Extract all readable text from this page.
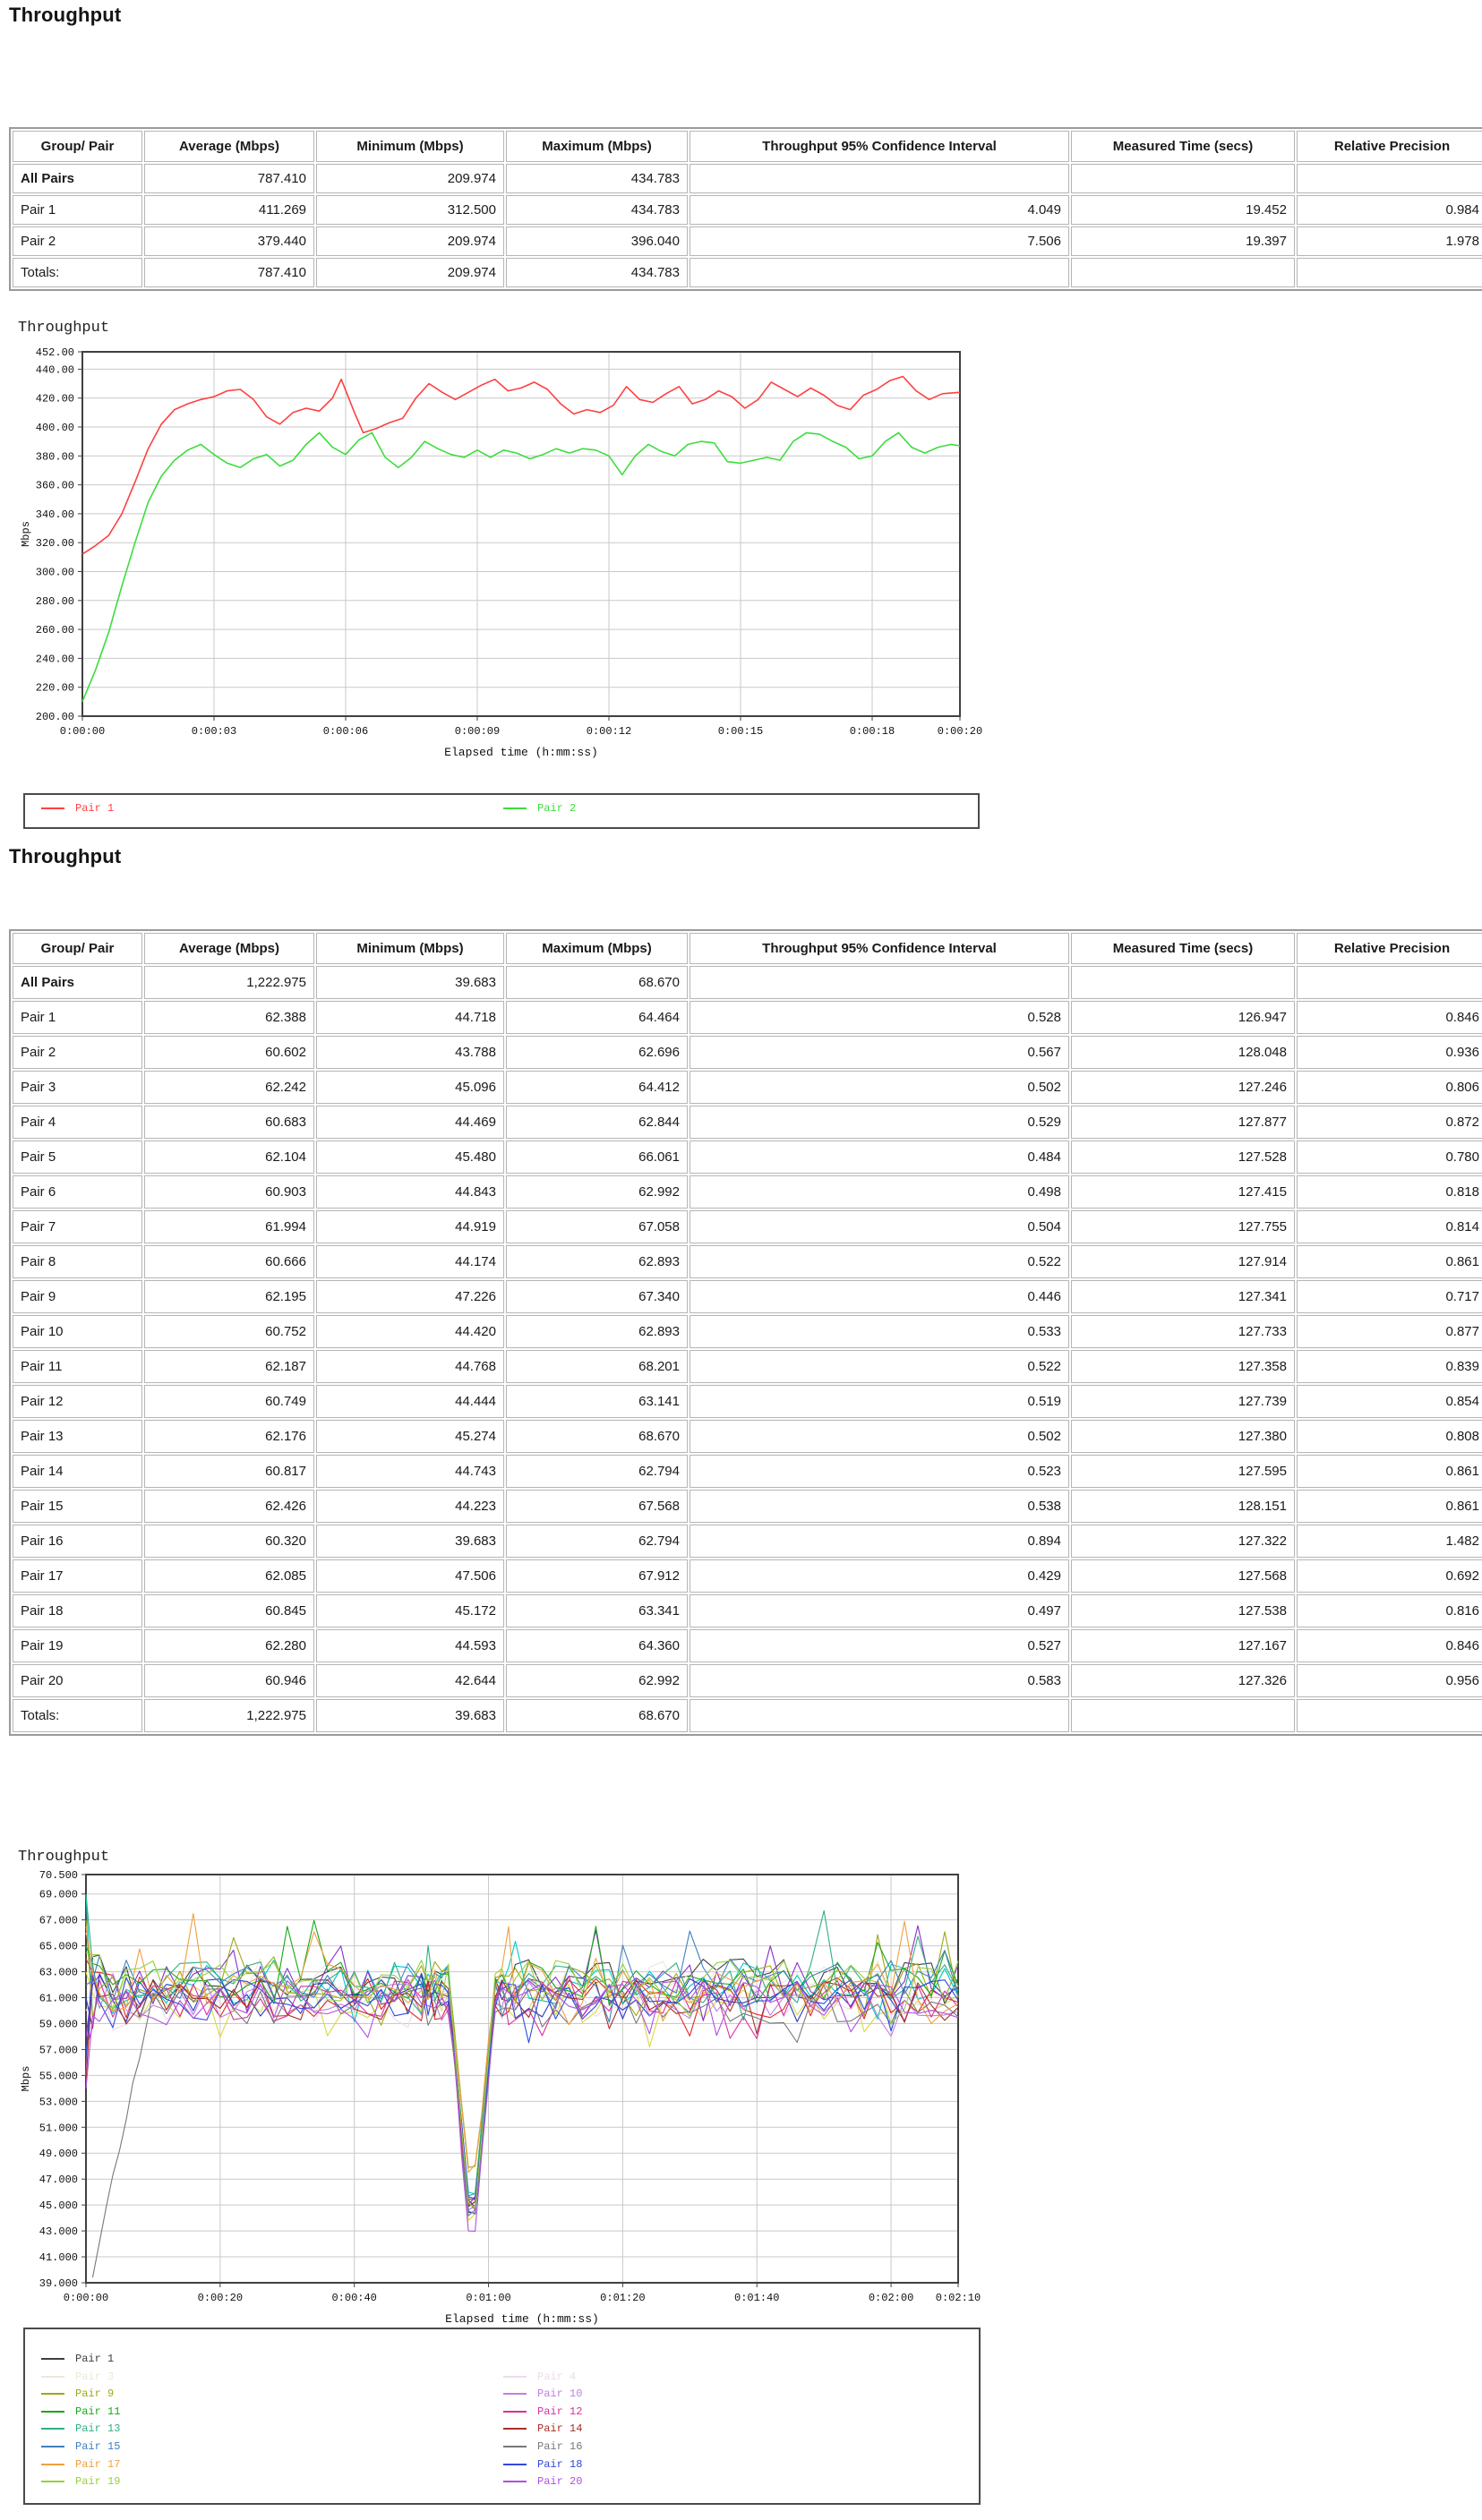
Throughput
Group/ Pair	Average (Mbps)	Minimum (Mbps)	Maximum (Mbps)	Throughput 95% Confidence Interval	Measured Time (secs)	Relative Precision
All Pairs	787.410	209.974	434.783			
Pair 1	411.269	312.500	434.783	4.049	19.452	0.984
Pair 2	379.440	209.974	396.040	7.506	19.397	1.978
Totals:	787.410	209.974	434.783			
Throughput
452.00
440.00
420.00
400.00
380.00
360.00
340.00
320.00
300.00
280.00
260.00
240.00
220.00
200.00
0:00:00	0:00:03	0:00:06	0:00:09	0:00:12	0:00:15	0:00:18	0:00:20
Mbps
Elapsed time (h:mm:ss)
Pair 1	Pair 2
Throughput
Group/ Pair	Average (Mbps)	Minimum (Mbps)	Maximum (Mbps)	Throughput 95% Confidence Interval	Measured Time (secs)	Relative Precision
All Pairs	1,222.975	39.683	68.670			
Pair 1	62.388	44.718	64.464	0.528	126.947	0.846
Pair 2	60.602	43.788	62.696	0.567	128.048	0.936
Pair 3	62.242	45.096	64.412	0.502	127.246	0.806
Pair 4	60.683	44.469	62.844	0.529	127.877	0.872
Pair 5	62.104	45.480	66.061	0.484	127.528	0.780
Pair 6	60.903	44.843	62.992	0.498	127.415	0.818
Pair 7	61.994	44.919	67.058	0.504	127.755	0.814
Pair 8	60.666	44.174	62.893	0.522	127.914	0.861
Pair 9	62.195	47.226	67.340	0.446	127.341	0.717
Pair 10	60.752	44.420	62.893	0.533	127.733	0.877
Pair 11	62.187	44.768	68.201	0.522	127.358	0.839
Pair 12	60.749	44.444	63.141	0.519	127.739	0.854
Pair 13	62.176	45.274	68.670	0.502	127.380	0.808
Pair 14	60.817	44.743	62.794	0.523	127.595	0.861
Pair 15	62.426	44.223	67.568	0.538	128.151	0.861
Pair 16	60.320	39.683	62.794	0.894	127.322	1.482
Pair 17	62.085	47.506	67.912	0.429	127.568	0.692
Pair 18	60.845	45.172	63.341	0.497	127.538	0.816
Pair 19	62.280	44.593	64.360	0.527	127.167	0.846
Pair 20	60.946	42.644	62.992	0.583	127.326	0.956
Totals:	1,222.975	39.683	68.670			
Throughput
70.500
69.000
67.000
65.000
63.000
61.000
59.000
57.000
55.000
53.000
51.000
49.000
47.000
45.000
43.000
41.000
39.000
0:00:00	0:00:20	0:00:40	0:01:00	0:01:20	0:01:40	0:02:00 0:02:10
Mbps
Elapsed time (h:mm:ss)
Pair 1
Pair 3	Pair 4
Pair 9	Pair 10
Pair 11	Pair 12
Pair 13	Pair 14
Pair 15	Pair 16
Pair 17	Pair 18
Pair 19	Pair 20
